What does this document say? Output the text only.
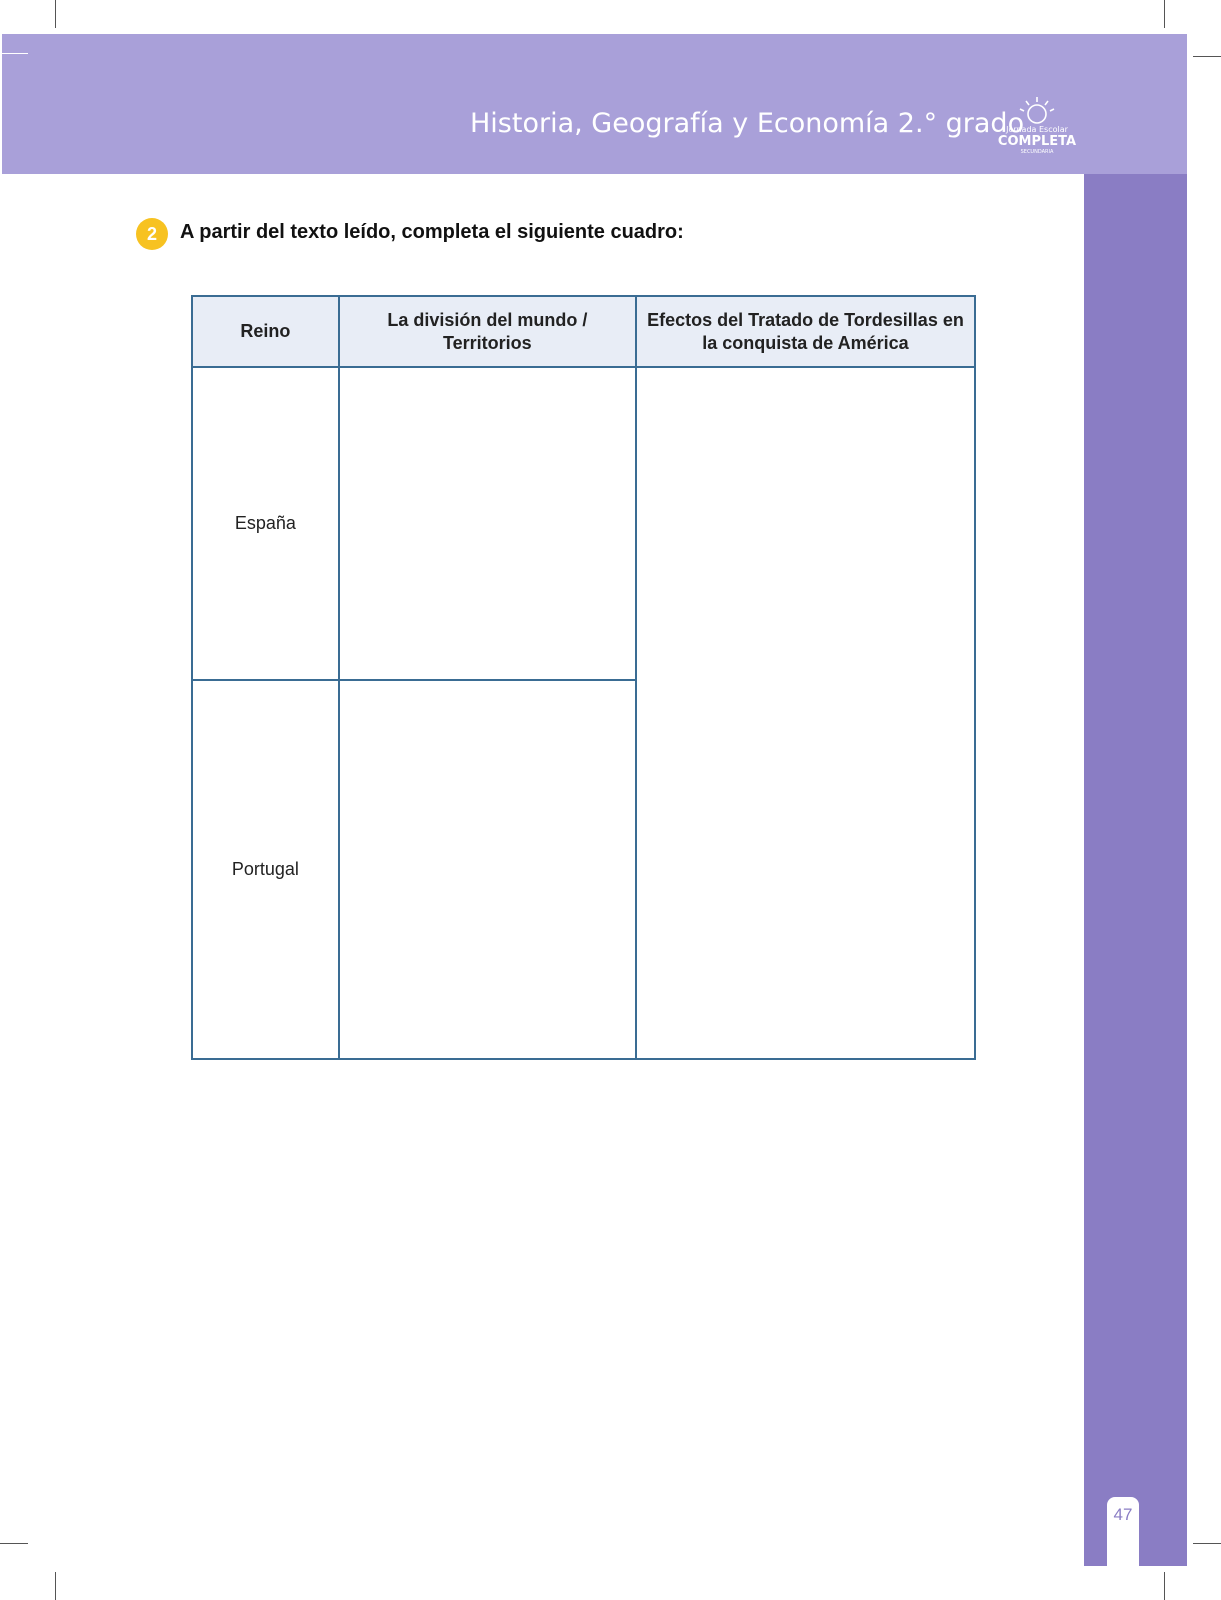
Historia, Geografía y Economía 2.° grado
Jornada Escolar
COMPLETA
SECUNDARIA
47
2	A partir del texto leído, completa el siguiente cuadro:
Reino	La división del mundo / Territorios	Efectos del Tratado de Tordesillas en la conquista de América
España		
Portugal		
